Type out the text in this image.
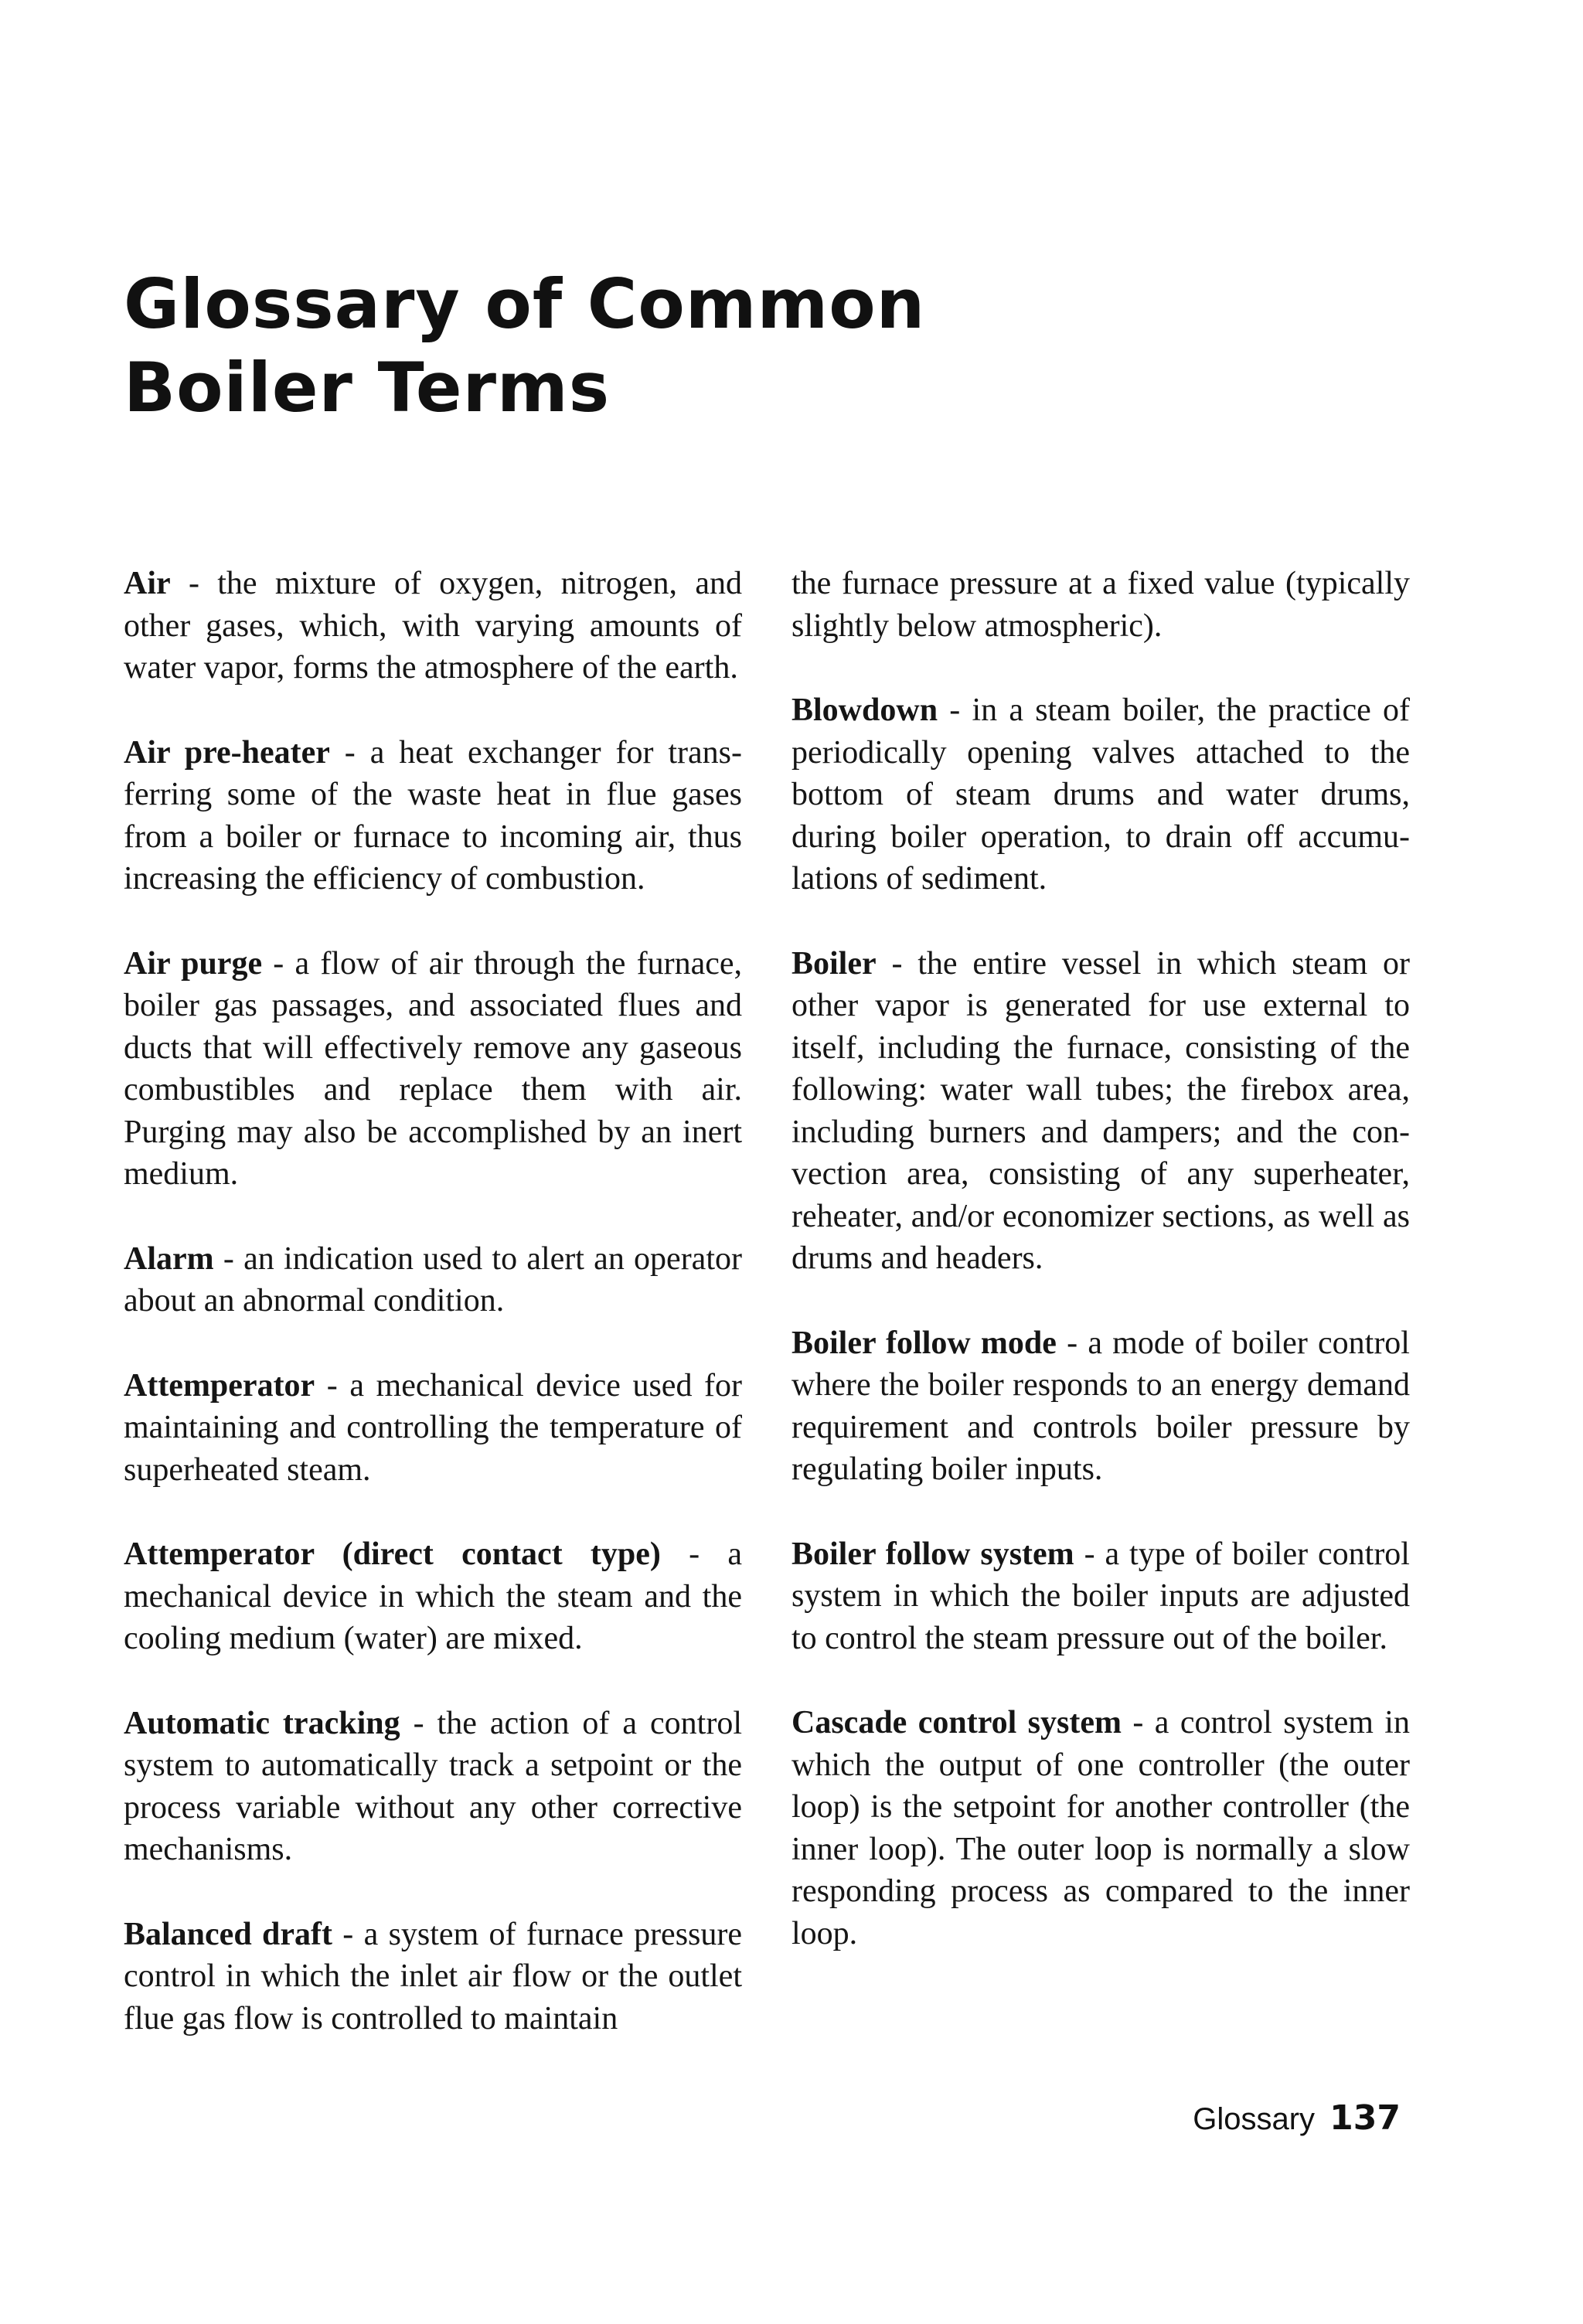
Glossary of Common
Boiler Terms

Air - the mixture of oxygen, nitrogen, and other gases, which, with varying amounts of water vapor, forms the atmosphere of the earth.

Air pre-heater - a heat exchanger for transferring some of the waste heat in flue gases from a boiler or furnace to incoming air, thus increasing the efficiency of combustion.

Air purge - a flow of air through the furnace, boiler gas passages, and associated flues and ducts that will effectively remove any gaseous combustibles and replace them with air. Purging may also be accomplished by an inert medium.

Alarm - an indication used to alert an operator about an abnormal condition.

Attemperator - a mechanical device used for maintaining and controlling the temperature of superheated steam.

Attemperator (direct contact type) - a mechanical device in which the steam and the cooling medium (water) are mixed.

Automatic tracking - the action of a control system to automatically track a setpoint or the process variable without any other corrective mechanisms.

Balanced draft - a system of furnace pressure control in which the inlet air flow or the outlet flue gas flow is controlled to maintain

the furnace pressure at a fixed value (typically slightly below atmospheric).

Blowdown - in a steam boiler, the practice of periodically opening valves attached to the bottom of steam drums and water drums, during boiler operation, to drain off accumulations of sediment.

Boiler - the entire vessel in which steam or other vapor is generated for use external to itself, including the furnace, consisting of the following: water wall tubes; the firebox area, including burners and dampers; and the convection area, consisting of any superheater, reheater, and/or economizer sections, as well as drums and headers.

Boiler follow mode - a mode of boiler control where the boiler responds to an energy demand requirement and controls boiler pressure by regulating boiler inputs.

Boiler follow system - a type of boiler control system in which the boiler inputs are adjusted to control the steam pressure out of the boiler.

Cascade control system - a control system in which the output of one controller (the outer loop) is the setpoint for another controller (the inner loop). The outer loop is normally a slow responding process as compared to the inner loop.

Glossary 137
